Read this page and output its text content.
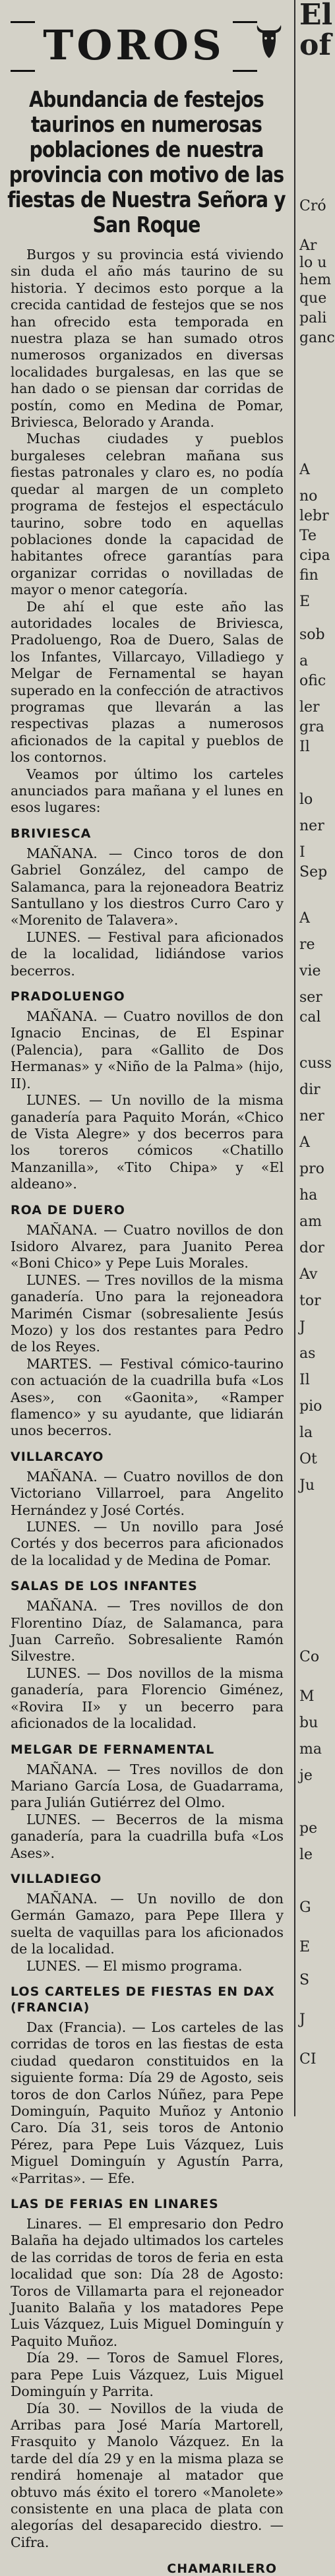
TOROS
Abundancia de festejos taurinos en numerosas poblaciones de nuestra provincia con motivo de las fiestas de Nuestra Señora y San Roque

Burgos y su provincia está viviendo sin duda el año más taurino de su historia. Y decimos esto porque a la crecida cantidad de festejos que se nos han ofrecido esta temporada en nuestra plaza se han sumado otros numerosos organizados en diversas localidades burgalesas, en las que se han dado o se piensan dar corridas de postín, como en Medina de Pomar, Briviesca, Belorado y Aranda.

Muchas ciudades y pueblos burgaleses celebran mañana sus fiestas patronales y claro es, no podía quedar al margen de un completo programa de festejos el espectáculo taurino, sobre todo en aquellas poblaciones donde la capacidad de habitantes ofrece garantías para organizar corridas o novilladas de mayor o menor categoría.

De ahí el que este año las autoridades locales de Briviesca, Pradoluengo, Roa de Duero, Salas de los Infantes, Villarcayo, Villadiego y Melgar de Fernamental se hayan superado en la confección de atractivos programas que llevarán a las respectivas plazas a numerosos aficionados de la capital y pueblos de los contornos.

Veamos por último los carteles anunciados para mañana y el lunes en esos lugares:

BRIVIESCA

MAÑANA. — Cinco toros de don Gabriel González, del campo de Salamanca, para la rejoneadora Beatriz Santullano y los diestros Curro Caro y «Morenito de Talavera».

LUNES. — Festival para aficionados de la localidad, lidiándose varios becerros.

PRADOLUENGO

MAÑANA. — Cuatro novillos de don Ignacio Encinas, de El Espinar (Palencia), para «Gallito de Dos Hermanas» y «Niño de la Palma» (hijo, II).

LUNES. — Un novillo de la misma ganadería para Paquito Morán, «Chico de Vista Alegre» y dos becerros para los toreros cómicos «Chatillo Manzanilla», «Tito Chipa» y «El aldeano».

ROA DE DUERO

MAÑANA. — Cuatro novillos de don Isidoro Alvarez, para Juanito Perea «Boni Chico» y Pepe Luis Morales.

LUNES. — Tres novillos de la misma ganadería. Uno para la rejoneadora Marimén Cismar (sobresaliente Jesús Mozo) y los dos restantes para Pedro de los Reyes.

MARTES. — Festival cómico-taurino con actuación de la cuadrilla bufa «Los Ases», con «Gaonita», «Ramper flamenco» y su ayudante, que lidiarán unos becerros.

VILLARCAYO

MAÑANA. — Cuatro novillos de don Victoriano Villarroel, para Angelito Hernández y José Cortés.

LUNES. — Un novillo para José Cortés y dos becerros para aficionados de la localidad y de Medina de Pomar.

SALAS DE LOS INFANTES

MAÑANA. — Tres novillos de don Florentino Díaz, de Salamanca, para Juan Carreño. Sobresaliente Ramón Silvestre.

LUNES. — Dos novillos de la misma ganadería, para Florencio Giménez, «Rovira II» y un becerro para aficionados de la localidad.

MELGAR DE FERNAMENTAL

MAÑANA. — Tres novillos de don Mariano García Losa, de Guadarrama, para Julián Gutiérrez del Olmo.

LUNES. — Becerros de la misma ganadería, para la cuadrilla bufa «Los Ases».

VILLADIEGO

MAÑANA. — Un novillo de don Germán Gamazo, para Pepe Illera y suelta de vaquillas para los aficionados de la localidad.

LUNES. — El mismo programa.

LOS CARTELES DE FIESTAS EN DAX (FRANCIA)

Dax (Francia). — Los carteles de las corridas de toros en las fiestas de esta ciudad quedaron constituidos en la siguiente forma: Día 29 de Agosto, seis toros de don Carlos Núñez, para Pepe Dominguín, Paquito Muñoz y Antonio Caro. Día 31, seis toros de Antonio Pérez, para Pepe Luis Vázquez, Luis Miguel Dominguín y Agustín Parra, «Parritas». — Efe.

LAS DE FERIAS EN LINARES

Linares. — El empresario don Pedro Balaña ha dejado ultimados los carteles de las corridas de toros de feria en esta localidad que son: Día 28 de Agosto: Toros de Villamarta para el rejoneador Juanito Balaña y los matadores Pepe Luis Vázquez, Luis Miguel Dominguín y Paquito Muñoz.

Día 29. — Toros de Samuel Flores, para Pepe Luis Vázquez, Luis Miguel Dominguín y Parrita.

Día 30. — Novillos de la viuda de Arribas para José María Martorell, Frasquito y Manolo Vázquez. En la tarde del día 29 y en la misma plaza se rendirá homenaje al matador que obtuvo más éxito el torero «Manolete» consistente en una placa de plata con alegorías del desaparecido diestro. — Cifra.

CHAMARILERO
El
of
Cró
Ar
lo u
hem
que
pali
ganc
A
no
lebr
Te
cipa
fin
E
sob
a
ofic
ler
gra
Il
lo
ner
I
Sep
A
re
vie
ser
cal
cuss
dir
ner
A
pro
ha
am
dor
Av
tor
J
as
Il
pio
la
Ot
Ju
Co
M
bu
ma
je
pe
le
G
E
S
J
CI
